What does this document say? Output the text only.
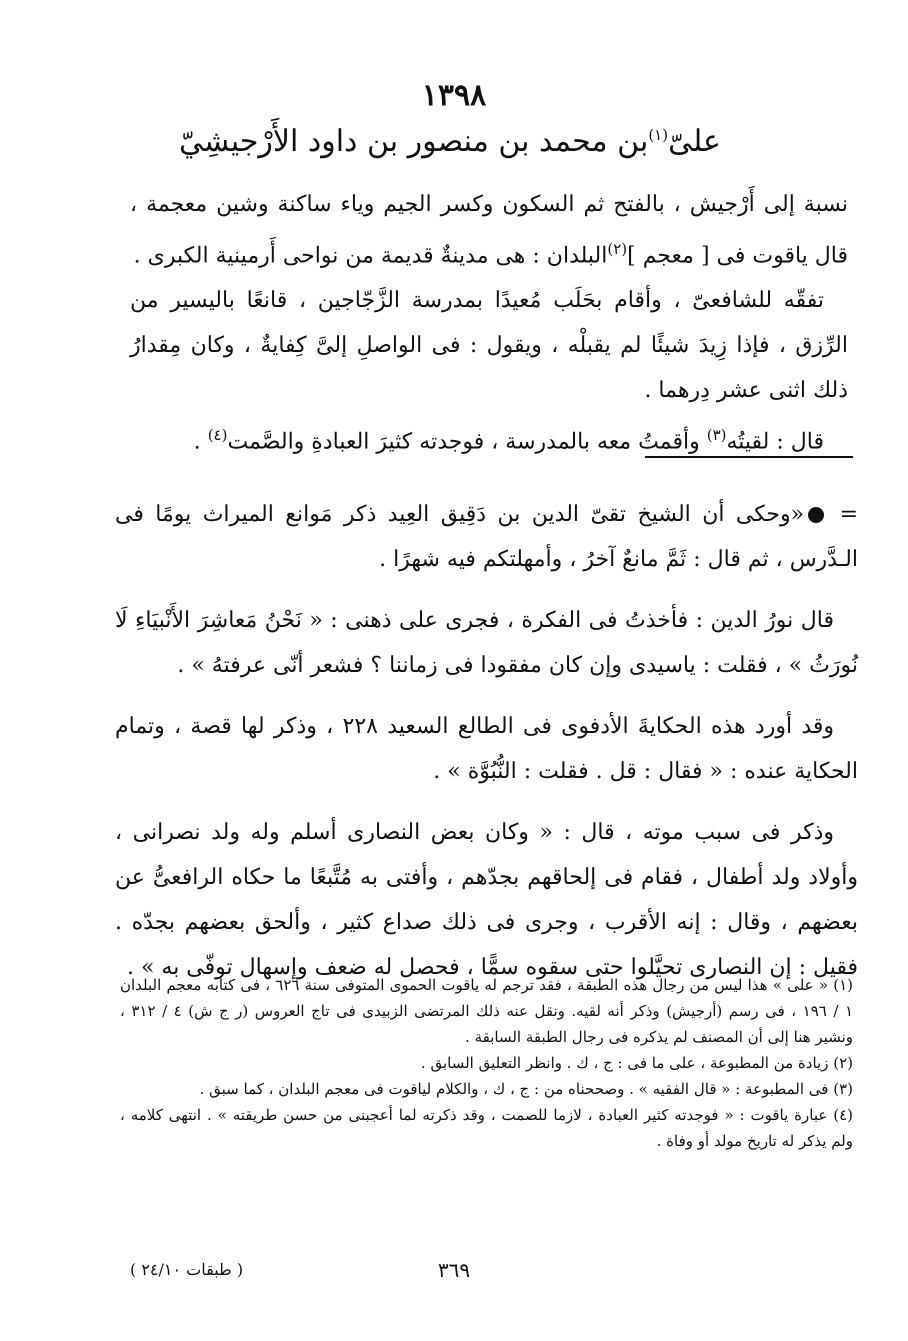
١٣٩٨
علىّ$^{(١)}$بن محمد بن منصور بن داود الأَرْجيشِيّ

نسبة إلى أَرْجيش ، بالفتح ثم السكون وكسر الجيم وياء ساكنة وشين معجمة ، قال ياقوت فى [ معجم ]$^{(٢)}$البلدان : هى مدينةٌ قديمة من نواحى أَرمينية الكبرى .

تفقّه للشافعىّ ، وأقام بحَلَب مُعيدًا بمدرسة الزَّجّاجين ، قانعًا باليسير من الرِّزق ، فإذا زِيدَ شيئًا لم يقبلْه ، ويقول : فى الواصلِ إلىَّ كِفايةٌ ، وكان مِقدارُ ذلك اثنى عشر دِرهما .

قال : لقيتُه$^{(٣)}$ وأقمتُ معه بالمدرسة ، فوجدته كثيرَ العبادةِ والصَّمت$^{(٤)}$ .

= «وحكى أن الشيخ تقىّ الدين بن دَقِيق العِيد ذكر مَوانع الميراث يومًا فى الـدَّرس ، ثم قال : ثَمَّ مانعٌ آخرُ ، وأمهلتكم فيه شهرًا .

قال نورُ الدين : فأخذتُ فى الفكرة ، فجرى على ذهنى : « نَحْنُ مَعاشِرَ الأَنْبيَاءِ لَا نُورَثُ » ، فقلت : ياسيدى وإن كان مفقودا فى زماننا ؟ فشعر أنّى عرفتهُ » .

وقد أورد هذه الحكايةَ الأدفوى فى الطالع السعيد ٢٢٨ ، وذكر لها قصة ، وتمام الحكاية عنده : « فقال : قل . فقلت : النُّبُوَّة » .

وذكر فى سبب موته ، قال : « وكان بعض النصارى أسلم وله ولد نصرانى ، وأولاد ولد أطفال ، فقام فى إلحاقهم بجدّهم ، وأفتى به مُتَّبعًا ما حكاه الرافعىُّ عن بعضهم ، وقال : إنه الأقرب ، وجرى فى ذلك صداع كثير ، وألحق بعضهم بجدّه . فقيل : إن النصارى تحيَّلوا حتى سقوه سمًّا ، فحصل له ضعف وإسهال توفّى به » .

(١) « على » هذا ليس من رجال هذه الطبقة ، فقد ترجم له ياقوت الحموى المتوفى سنة ٦٢٦ ، فى كتابه معجم البلدان ١ / ١٩٦ ، فى رسم (أرجيش) وذكر أنه لقيه. ونقل عنه ذلك المرتضى الزبيدى فى تاج العروس (ر ج ش) ٤ / ٣١٢ ، ونشير هنا إلى أن المصنف لم يذكره فى رجال الطبقة السابقة .

(٢) زيادة من المطبوعة ، على ما فى : ج ، ك . وانظر التعليق السابق .

(٣) فى المطبوعة : « قال الفقيه » . وصححناه من : ج ، ك ، والكلام لياقوت فى معجم البلدان ، كما سبق .

(٤) عبارة ياقوت : « فوجدته كثير العبادة ، لازما للصمت ، وقد ذكرته لما أعجبنى من حسن طريقته » . انتهى كلامه ، ولم يذكر له تاريخ مولد أو وفاة .

٣٦٩
( طبقات ٢٤/١٠ )
